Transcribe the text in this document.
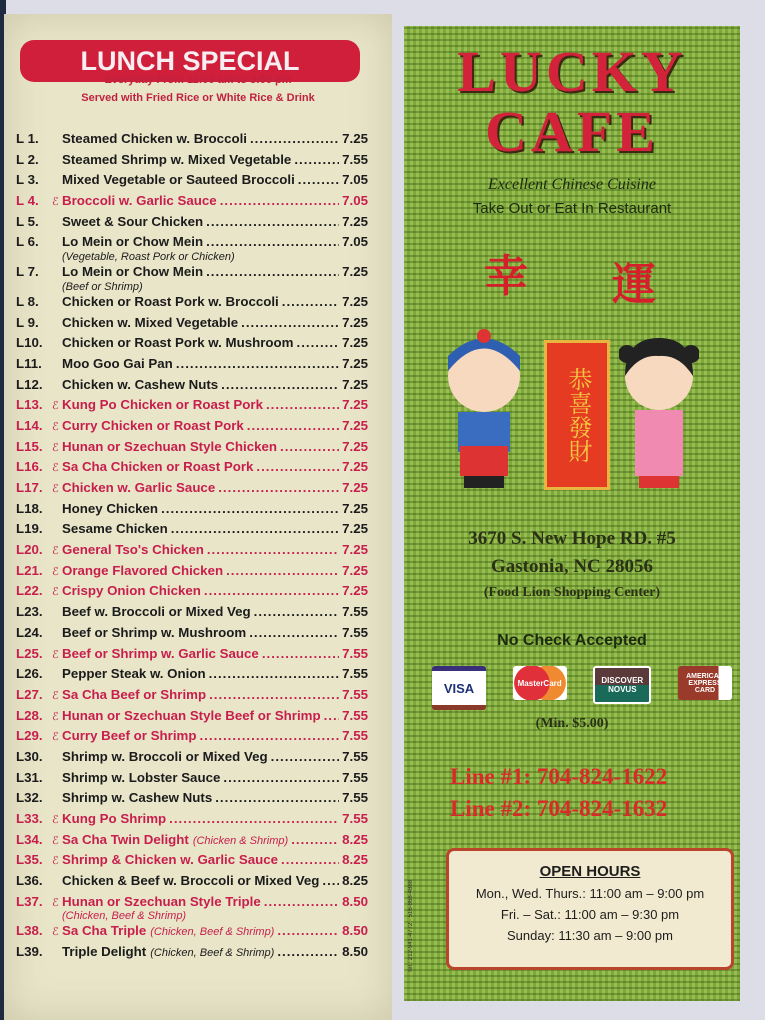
LUNCH SPECIAL
Everyday From 11:00 am to 3:00 pm
Served with Fried Rice or White Rice & Drink
L 1.	Steamed Chicken w. Broccoli .....	7.25
L 2.	Steamed Shrimp w. Mixed Vegetable .....	7.55
L 3.	Mixed Vegetable or Sauteed Broccoli .....	7.05
L 4.	ℰ Broccoli w. Garlic Sauce .....	7.05
L 5.	Sweet & Sour Chicken .....	7.25
L 6.	Lo Mein or Chow Mein .....	7.05
(Vegetable, Roast Pork or Chicken)
L 7.	Lo Mein or Chow Mein .....	7.25
(Beef or Shrimp)
L 8.	Chicken or Roast Pork w. Broccoli .....	7.25
L 9.	Chicken w. Mixed Vegetable .....	7.25
L10.	Chicken or Roast Pork w. Mushroom .....	7.25
L11.	Moo Goo Gai Pan .....	7.25
L12.	Chicken w. Cashew Nuts .....	7.25
L13. ℰ Kung Po Chicken or Roast Pork .....	7.25
L14. ℰ Curry Chicken or Roast Pork .....	7.25
L15. ℰ Hunan or Szechuan Style Chicken .....	7.25
L16. ℰ Sa Cha Chicken or Roast Pork .....	7.25
L17. ℰ Chicken w. Garlic Sauce .....	7.25
L18.	Honey Chicken .....	7.25
L19.	Sesame Chicken .....	7.25
L20. ℰ General Tso's Chicken .....	7.25
L21. ℰ Orange Flavored Chicken .....	7.25
L22. ℰ Crispy Onion Chicken .....	7.25
L23.	Beef w. Broccoli or Mixed Veg .....	7.55
L24.	Beef or Shrimp w. Mushroom .....	7.55
L25. ℰ Beef or Shrimp w. Garlic Sauce .....	7.55
L26.	Pepper Steak w. Onion .....	7.55
L27. ℰ Sa Cha Beef or Shrimp .....	7.55
L28. ℰ Hunan or Szechuan Style Beef or Shrimp ..... 7.55
L29. ℰ Curry Beef or Shrimp .....	7.55
L30.	Shrimp w. Broccoli or Mixed Veg .....	7.55
L31.	Shrimp w. Lobster Sauce .....	7.55
L32.	Shrimp w. Cashew Nuts .....	7.55
L33. ℰ Kung Po Shrimp .....	7.55
L34. ℰ Sa Cha Twin Delight (Chicken & Shrimp) .....	8.25
L35. ℰ Shrimp & Chicken w. Garlic Sauce .....	8.25
L36.	Chicken & Beef w. Broccoli or Mixed Veg ..... 8.25
L37. ℰ Hunan or Szechuan Style Triple .....	8.50
(Chicken, Beef & Shrimp)
L38. ℰ Sa Cha Triple (Chicken, Beef & Shrimp) .....	8.50
L39.	Triple Delight (Chicken, Beef & Shrimp) .....	8.50
LUCKY
CAFE
Excellent Chinese Cuisine
Take Out or Eat In Restaurant
幸 運
恭喜發財
3670 S. New Hope RD. #5
Gastonia, NC 28056
(Food Lion Shopping Center)
No Check Accepted
VISA	MasterCard	DISCOVER NOVUS
AMERICAN EXPRESS CARD
(Min. $5.00)
Line #1: 704-824-1622
Line #2: 704-824-1632
OPEN HOURS
Mon., Wed. Thurs.: 11:00 am – 9:00 pm
Fri. – Sat.: 11:00 am – 9:30 pm
Sunday: 11:30 am – 9:00 pm
Tel.: 212-941-4772 · 516-868-4888
